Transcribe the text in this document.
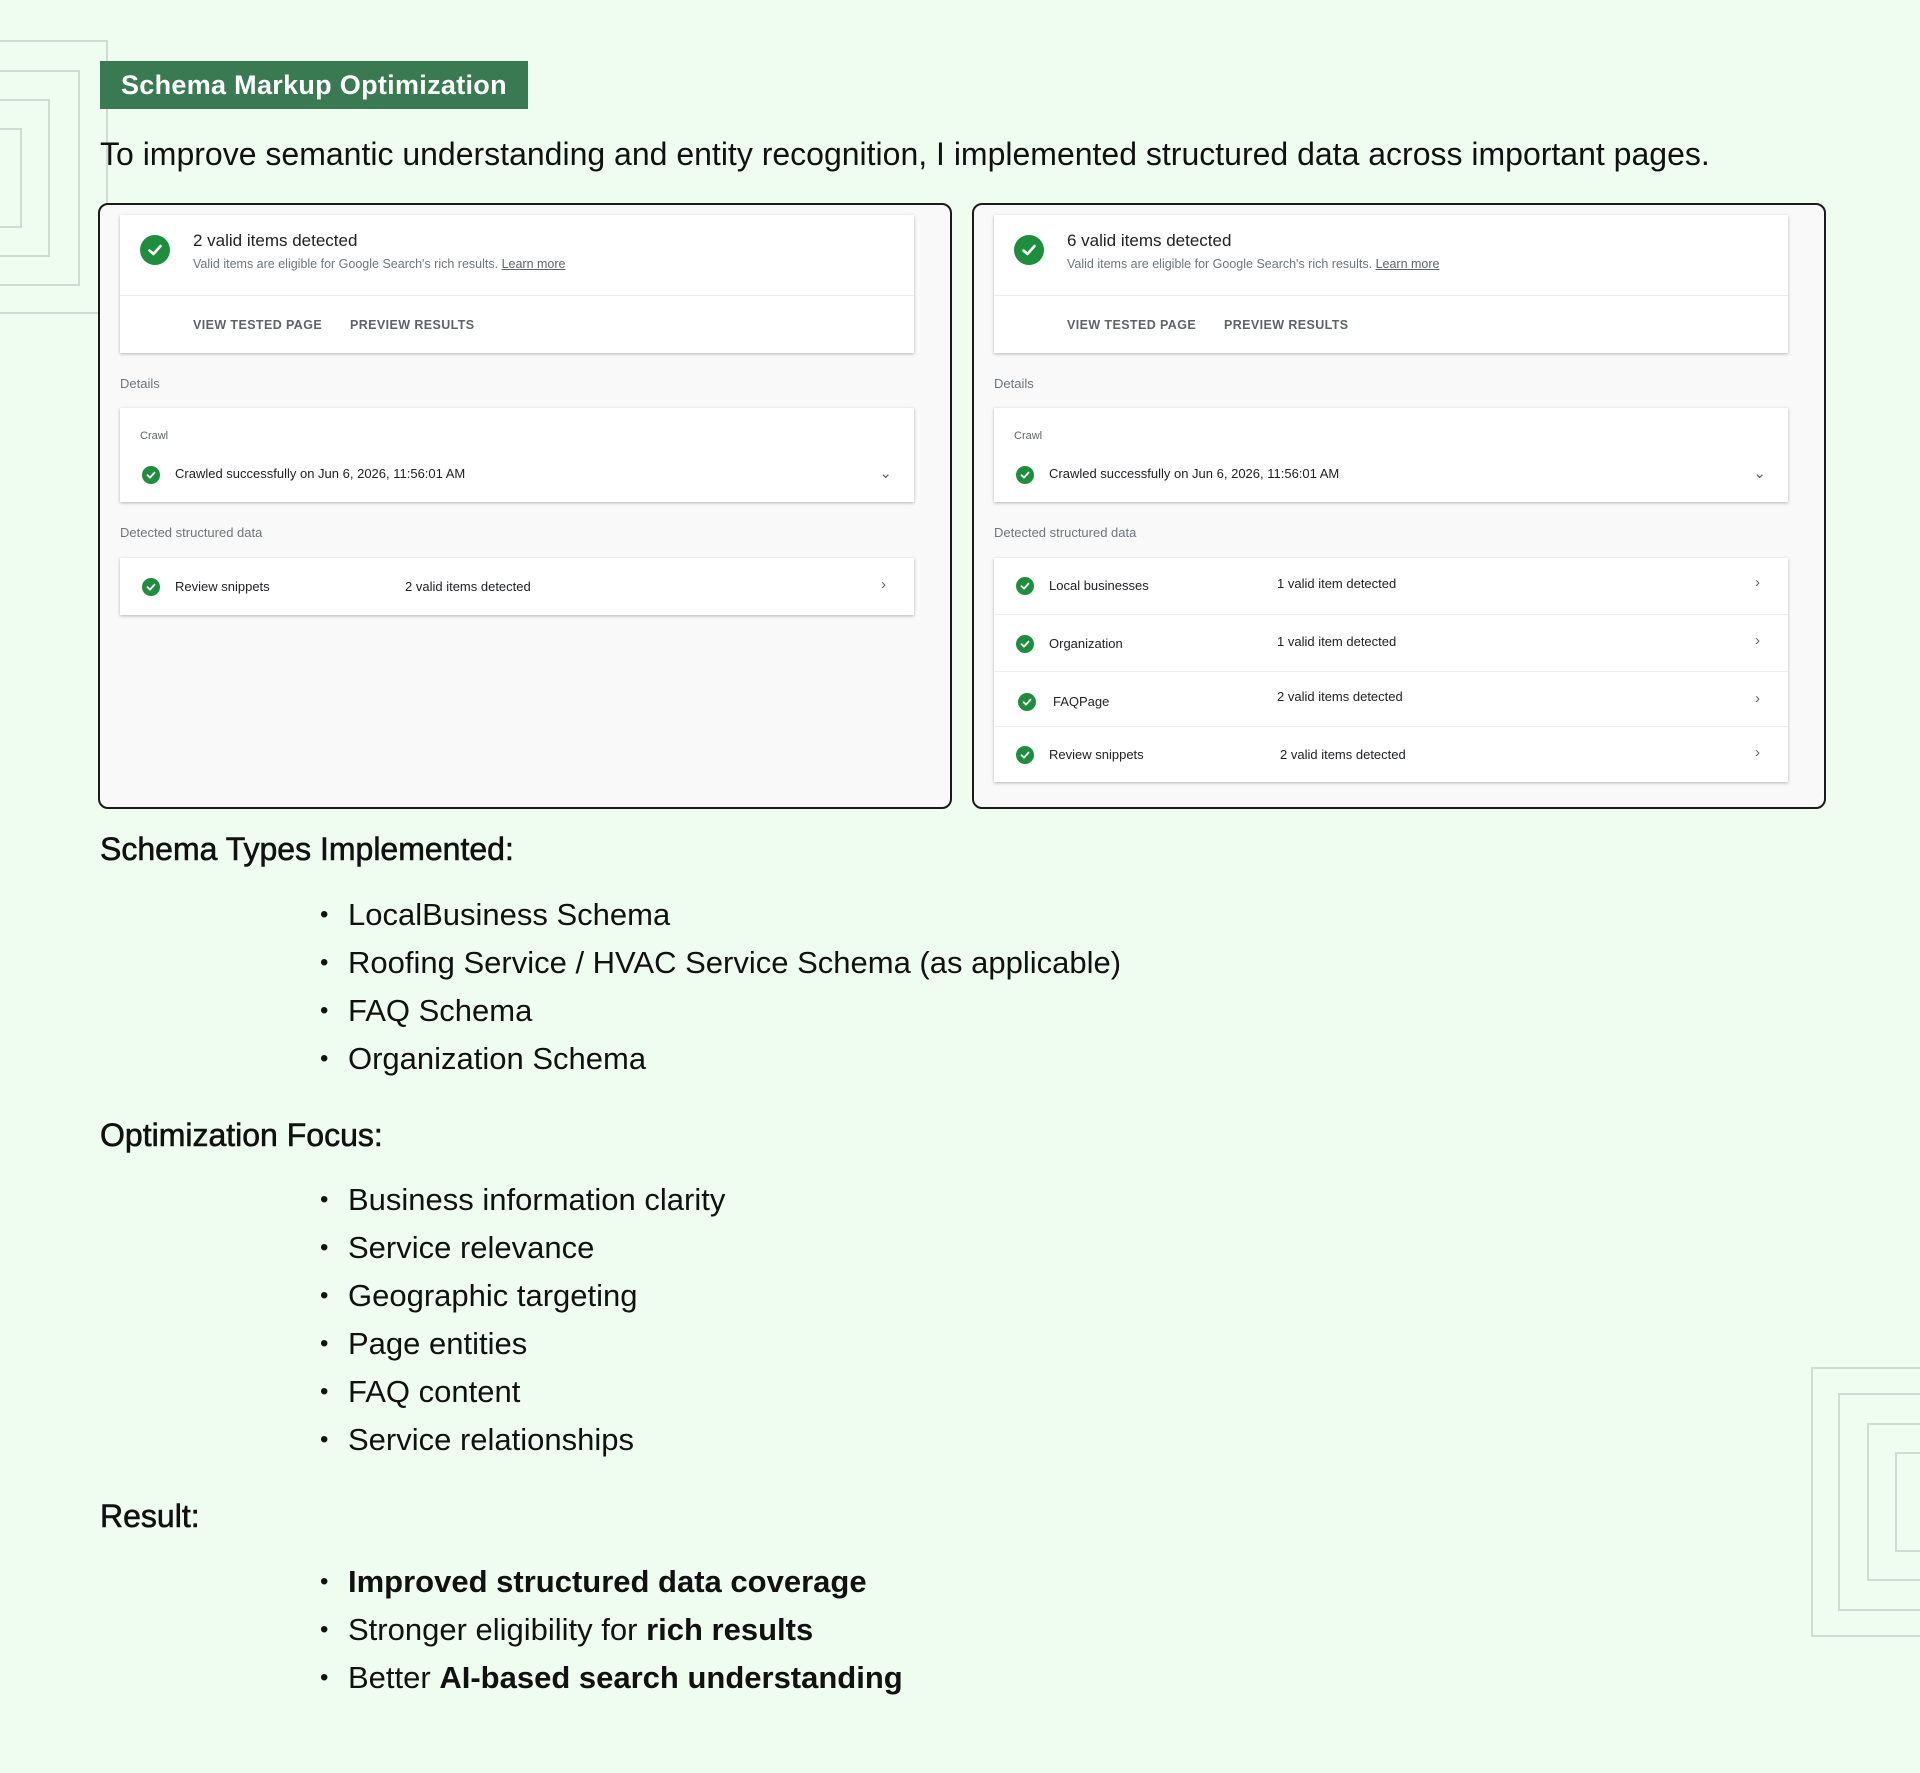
Schema Markup Optimization

To improve semantic understanding and entity recognition, I implemented structured data across important pages.

2 valid items detected
Valid items are eligible for Google Search's rich results. Learn more
VIEW TESTED PAGE PREVIEW RESULTS
Details
Crawl
Crawled successfully on Jun 6, 2026, 11:56:01 AM	⌄
Detected structured data
Review snippets	2 valid items detected	›
6 valid items detected
Valid items are eligible for Google Search's rich results. Learn more
VIEW TESTED PAGE PREVIEW RESULTS
Details
Crawl
Crawled successfully on Jun 6, 2026, 11:56:01 AM	⌄
Detected structured data
Local businesses	1 valid item detected	›
Organization	1 valid item detected	›
FAQPage	2 valid items detected	›
Review snippets	2 valid items detected	›
Schema Types Implemented:
• LocalBusiness Schema
• Roofing Service / HVAC Service Schema (as applicable)
• FAQ Schema
• Organization Schema
Optimization Focus:
• Business information clarity
• Service relevance
• Geographic targeting
• Page entities
• FAQ content
• Service relationships
Result:
• Improved structured data coverage
• Stronger eligibility for rich results
• Better AI-based search understanding
